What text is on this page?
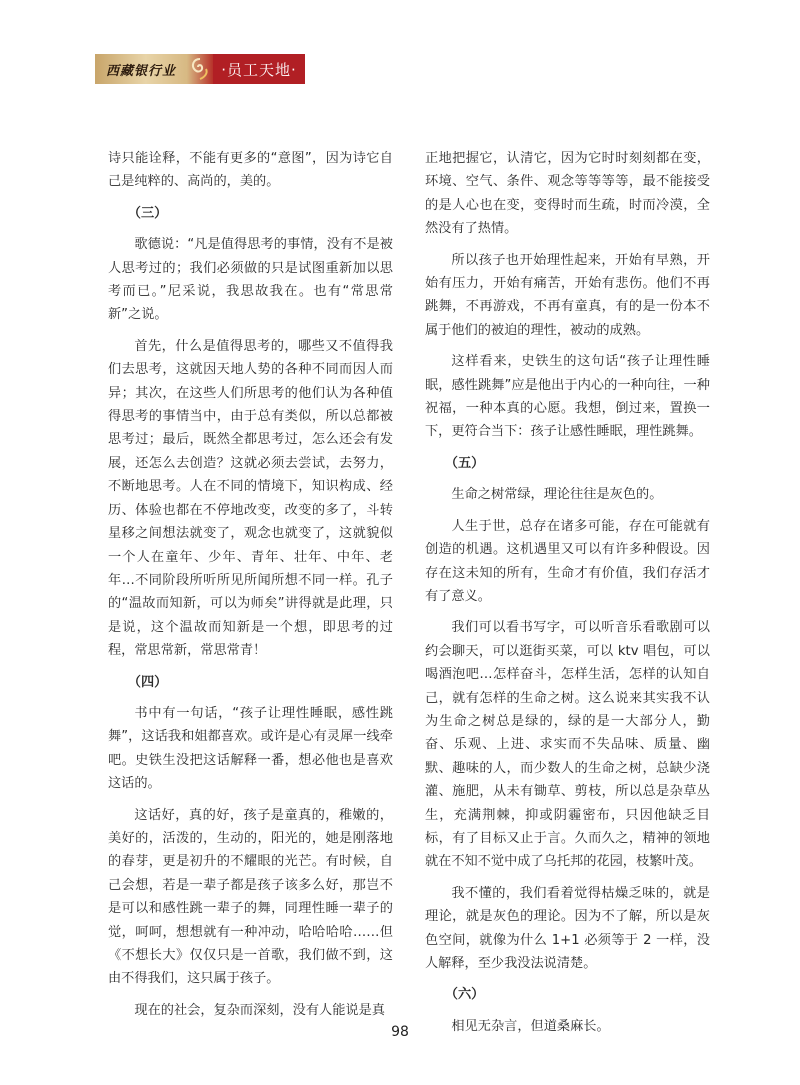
西藏银行业	·员工天地·

诗只能诠释，不能有更多的“意图”，因为诗它自己是纯粹的、高尚的，美的。

（三）

歌德说：“凡是值得思考的事情，没有不是被人思考过的；我们必须做的只是试图重新加以思考而已。”尼采说，我思故我在。也有“常思常新”之说。

首先，什么是值得思考的，哪些又不值得我们去思考，这就因天地人势的各种不同而因人而异；其次，在这些人们所思考的他们认为各种值得思考的事情当中，由于总有类似，所以总都被思考过；最后，既然全都思考过，怎么还会有发展，还怎么去创造？这就必须去尝试，去努力，不断地思考。人在不同的情境下，知识构成、经历、体验也都在不停地改变，改变的多了，斗转星移之间想法就变了，观念也就变了，这就貌似一个人在童年、少年、青年、壮年、中年、老年…不同阶段所听所见所闻所想不同一样。孔子的“温故而知新，可以为师矣”讲得就是此理，只是说，这个温故而知新是一个想，即思考的过程，常思常新，常思常青！

（四）

书中有一句话，“孩子让理性睡眠，感性跳舞”，这话我和姐都喜欢。或许是心有灵犀一线牵吧。史铁生没把这话解释一番，想必他也是喜欢这话的。

这话好，真的好，孩子是童真的，稚嫩的，美好的，活泼的，生动的，阳光的，她是刚落地的春芽，更是初升的不耀眼的光芒。有时候，自己会想，若是一辈子都是孩子该多么好，那岂不是可以和感性跳一辈子的舞，同理性睡一辈子的觉，呵呵，想想就有一种冲动，哈哈哈哈……但《不想长大》仅仅只是一首歌，我们做不到，这由不得我们，这只属于孩子。

现在的社会，复杂而深刻，没有人能说是真

正地把握它，认清它，因为它时时刻刻都在变，环境、空气、条件、观念等等等等，最不能接受的是人心也在变，变得时而生疏，时而冷漠，全然没有了热情。

所以孩子也开始理性起来，开始有早熟，开始有压力，开始有痛苦，开始有悲伤。他们不再跳舞，不再游戏，不再有童真，有的是一份本不属于他们的被迫的理性，被动的成熟。

这样看来，史铁生的这句话“孩子让理性睡眠，感性跳舞”应是他出于内心的一种向往，一种祝福，一种本真的心愿。我想，倒过来，置换一下，更符合当下：孩子让感性睡眠，理性跳舞。

（五）

生命之树常绿，理论往往是灰色的。

人生于世，总存在诸多可能，存在可能就有创造的机遇。这机遇里又可以有许多种假设。因存在这未知的所有，生命才有价值，我们存活才有了意义。

我们可以看书写字，可以听音乐看歌剧可以约会聊天，可以逛街买菜，可以 ktv 唱包，可以喝酒泡吧…怎样奋斗，怎样生活，怎样的认知自己，就有怎样的生命之树。这么说来其实我不认为生命之树总是绿的，绿的是一大部分人，勤奋、乐观、上进、求实而不失品味、质量、幽默、趣味的人，而少数人的生命之树，总缺少浇灌、施肥，从未有锄草、剪枝，所以总是杂草丛生，充满荆棘，抑或阴霾密布，只因他缺乏目标，有了目标又止于言。久而久之，精神的领地就在不知不觉中成了乌托邦的花园，枝繁叶茂。

我不懂的，我们看着觉得枯燥乏味的，就是理论，就是灰色的理论。因为不了解，所以是灰色空间，就像为什么 1+1 必须等于 2 一样，没人解释，至少我没法说清楚。

（六）

相见无杂言，但道桑麻长。

98
